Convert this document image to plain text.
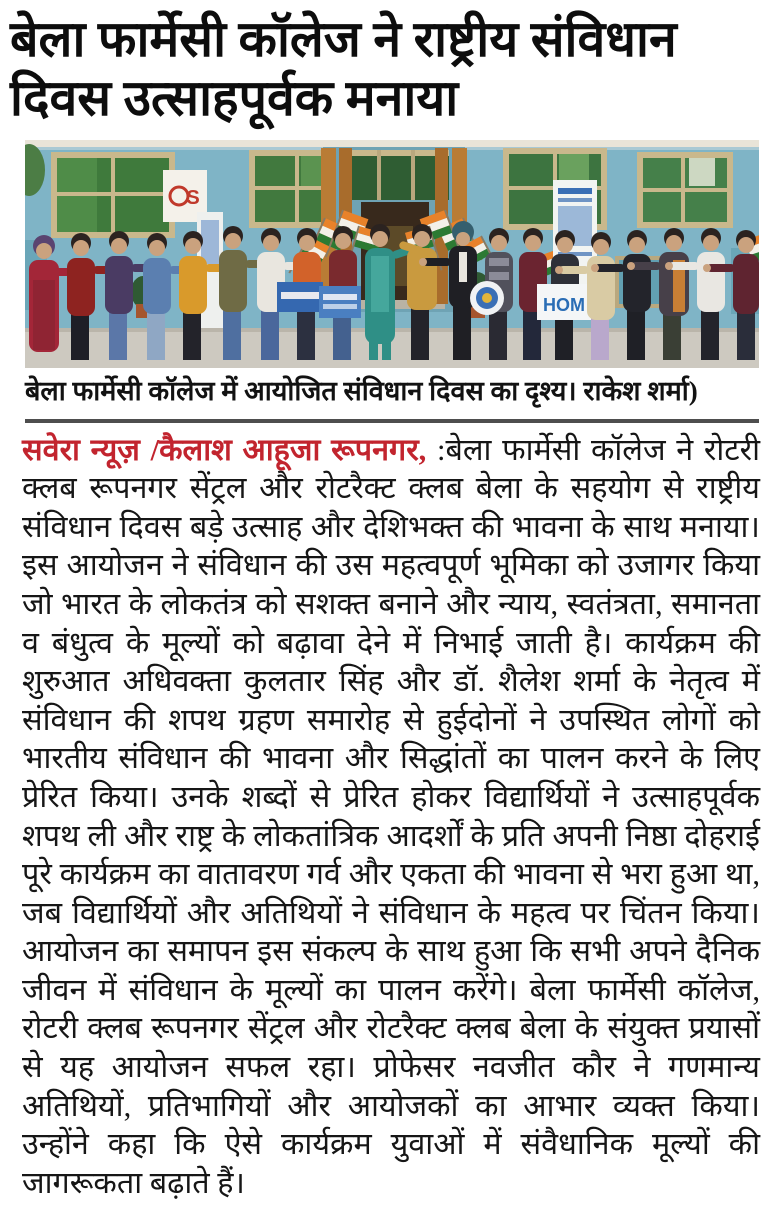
बेला फार्मेसी कॉलेज ने राष्ट्रीय संविधान दिवस उत्साहपूर्वक मनाया
S
HOM
बेला फार्मेसी कॉलेज में आयोजित संविधान दिवस का दृश्य। राकेश शर्मा)

सवेरा न्यूज़ /कैलाश आहूजा रूपनगर, :बेला फार्मेसी कॉलेज ने रोटरी क्लब रूपनगर सेंट्रल और रोटरैक्ट क्लब बेला के सहयोग से राष्ट्रीय संविधान दिवस बड़े उत्साह और देशिभक्त की भावना के साथ मनाया। इस आयोजन ने संविधान की उस महत्वपूर्ण भूमिका को उजागर किया जो भारत के लोकतंत्र को सशक्त बनाने और न्याय, स्वतंत्रता, समानता व बंधुत्व के मूल्यों को बढ़ावा देने में निभाई जाती है। कार्यक्रम की शुरुआत अधिवक्ता कुलतार सिंह और डॉ. शैलेश शर्मा के नेतृत्व में संविधान की शपथ ग्रहण समारोह से हुईदोनों ने उपस्थित लोगों को भारतीय संविधान की भावना और सिद्धांतों का पालन करने के लिए प्रेरित किया। उनके शब्दों से प्रेरित होकर विद्यार्थियों ने उत्साहपूर्वक शपथ ली और राष्ट्र के लोकतांत्रिक आदर्शों के प्रति अपनी निष्ठा दोहराई पूरे कार्यक्रम का वातावरण गर्व और एकता की भावना से भरा हुआ था, जब विद्यार्थियों और अतिथियों ने संविधान के महत्व पर चिंतन किया। आयोजन का समापन इस संकल्प के साथ हुआ कि सभी अपने दैनिक जीवन में संविधान के मूल्यों का पालन करेंगे। बेला फार्मेसी कॉलेज, रोटरी क्लब रूपनगर सेंट्रल और रोटरैक्ट क्लब बेला के संयुक्त प्रयासों से यह आयोजन सफल रहा। प्रोफेसर नवजीत कौर ने गणमान्य अतिथियों, प्रतिभागियों और आयोजकों का आभार व्यक्त किया। उन्होंने कहा कि ऐसे कार्यक्रम युवाओं में संवैधानिक मूल्यों की जागरूकता बढ़ाते हैं।
